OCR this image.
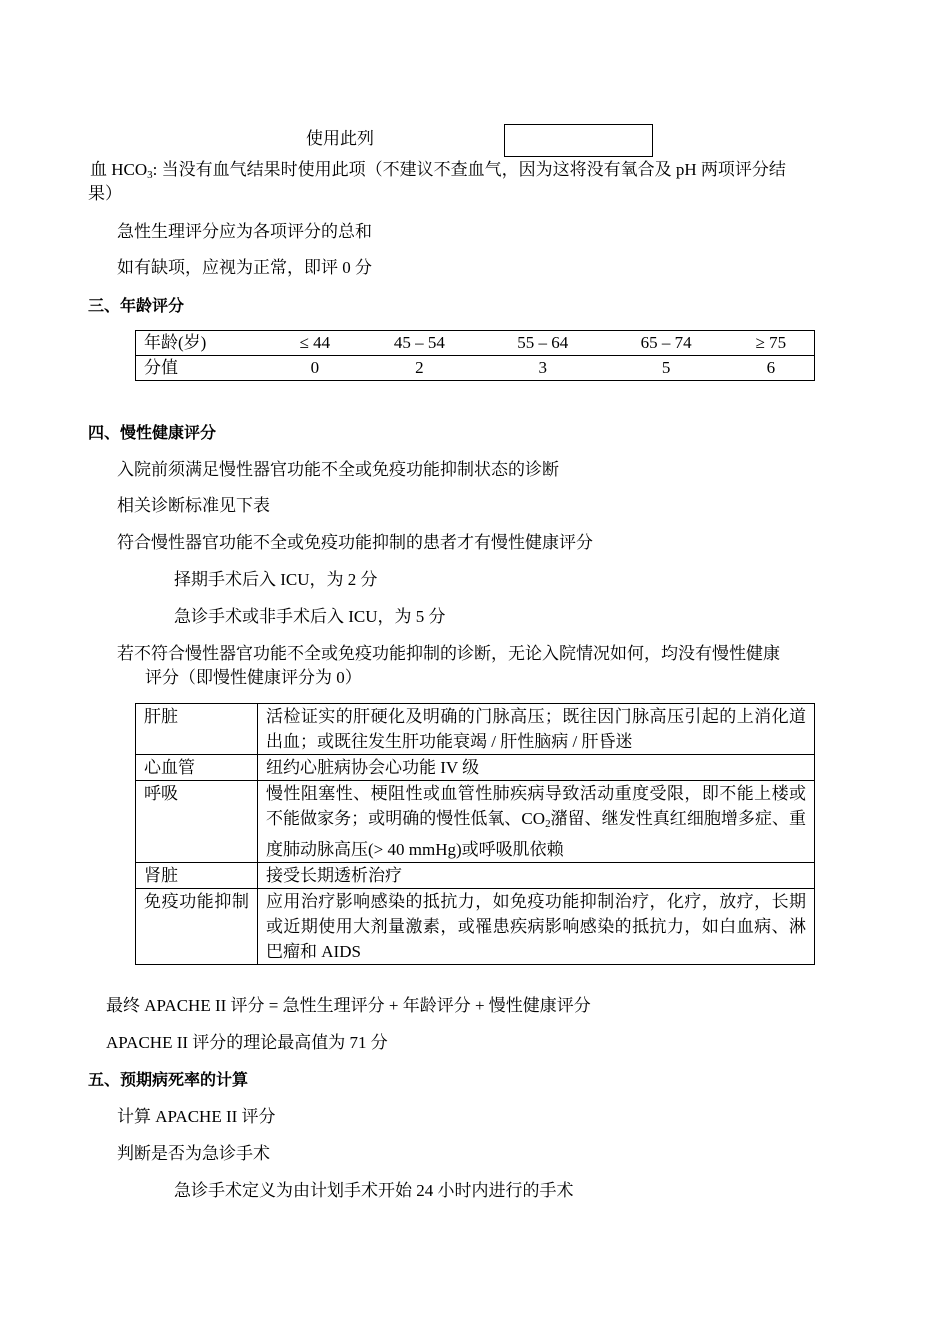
使用此列
血 $HCO_3$: 当没有血气结果时使用此项（不建议不查血气，因为这将没有氧合及 pH 两项评分结
果）
急性生理评分应为各项评分的总和
如有缺项，应视为正常，即评 0 分
三、年龄评分
年龄(岁)	≤ 44	45 – 54	55 – 64	65 – 74	≥ 75
分值	0	2	3	5	6
四、慢性健康评分
入院前须满足慢性器官功能不全或免疫功能抑制状态的诊断
相关诊断标准见下表
符合慢性器官功能不全或免疫功能抑制的患者才有慢性健康评分
择期手术后入 ICU，为 2 分
急诊手术或非手术后入 ICU，为 5 分
若不符合慢性器官功能不全或免疫功能抑制的诊断，无论入院情况如何，均没有慢性健康
评分（即慢性健康评分为 0）
肝脏	活检证实的肝硬化及明确的门脉高压；既往因门脉高压引起的上消化道出血；或既往发生肝功能衰竭 / 肝性脑病 / 肝昏迷
心血管	纽约心脏病协会心功能 IV 级
呼吸	慢性阻塞性、梗阻性或血管性肺疾病导致活动重度受限，即不能上楼或不能做家务；或明确的慢性低氧、$CO_2$潴留、继发性真红细胞增多症、重度肺动脉高压(> 40 mmHg)或呼吸肌依赖
肾脏	接受长期透析治疗
免疫功能抑制	应用治疗影响感染的抵抗力，如免疫功能抑制治疗，化疗，放疗，长期或近期使用大剂量激素，或罹患疾病影响感染的抵抗力，如白血病、淋巴瘤和 AIDS
最终 APACHE II 评分 = 急性生理评分 + 年龄评分 + 慢性健康评分
APACHE II 评分的理论最高值为 71 分
五、预期病死率的计算
计算 APACHE II 评分
判断是否为急诊手术
急诊手术定义为由计划手术开始 24 小时内进行的手术
